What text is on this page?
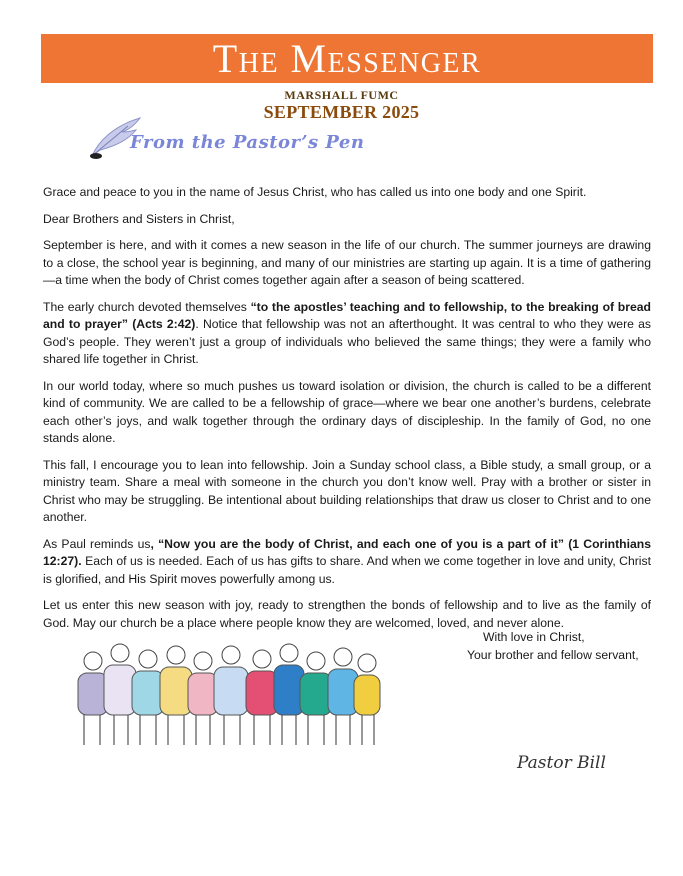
The Messenger
MARSHALL FUMC
SEPTEMBER 2025
From the Pastor’s Pen

Grace and peace to you in the name of Jesus Christ, who has called us into one body and one Spirit.

Dear Brothers and Sisters in Christ,

September is here, and with it comes a new season in the life of our church. The summer journeys are drawing to a close, the school year is beginning, and many of our ministries are starting up again. It is a time of gathering—a time when the body of Christ comes together again after a season of being scattered.

The early church devoted themselves “to the apostles’ teaching and to fellowship, to the breaking of bread and to prayer” (Acts 2:42). Notice that fellowship was not an afterthought. It was central to who they were as God’s people. They weren’t just a group of individuals who believed the same things; they were a family who shared life together in Christ.

In our world today, where so much pushes us toward isolation or division, the church is called to be a different kind of community. We are called to be a fellowship of grace—where we bear one another’s burdens, celebrate each other’s joys, and walk together through the ordinary days of discipleship. In the family of God, no one stands alone.

This fall, I encourage you to lean into fellowship. Join a Sunday school class, a Bible study, a small group, or a ministry team. Share a meal with someone in the church you don’t know well. Pray with a brother or sister in Christ who may be struggling. Be intentional about building relationships that draw us closer to Christ and to one another.

As Paul reminds us, “Now you are the body of Christ, and each one of you is a part of it” (1 Corinthians 12:27). Each of us is needed. Each of us has gifts to share. And when we come together in love and unity, Christ is glorified, and His Spirit moves powerfully among us.

Let us enter this new season with joy, ready to strengthen the bonds of fellowship and to live as the family of God. May our church be a place where people know they are welcomed, loved, and never alone.

With love in Christ,
Your brother and fellow servant,
Pastor Bill
